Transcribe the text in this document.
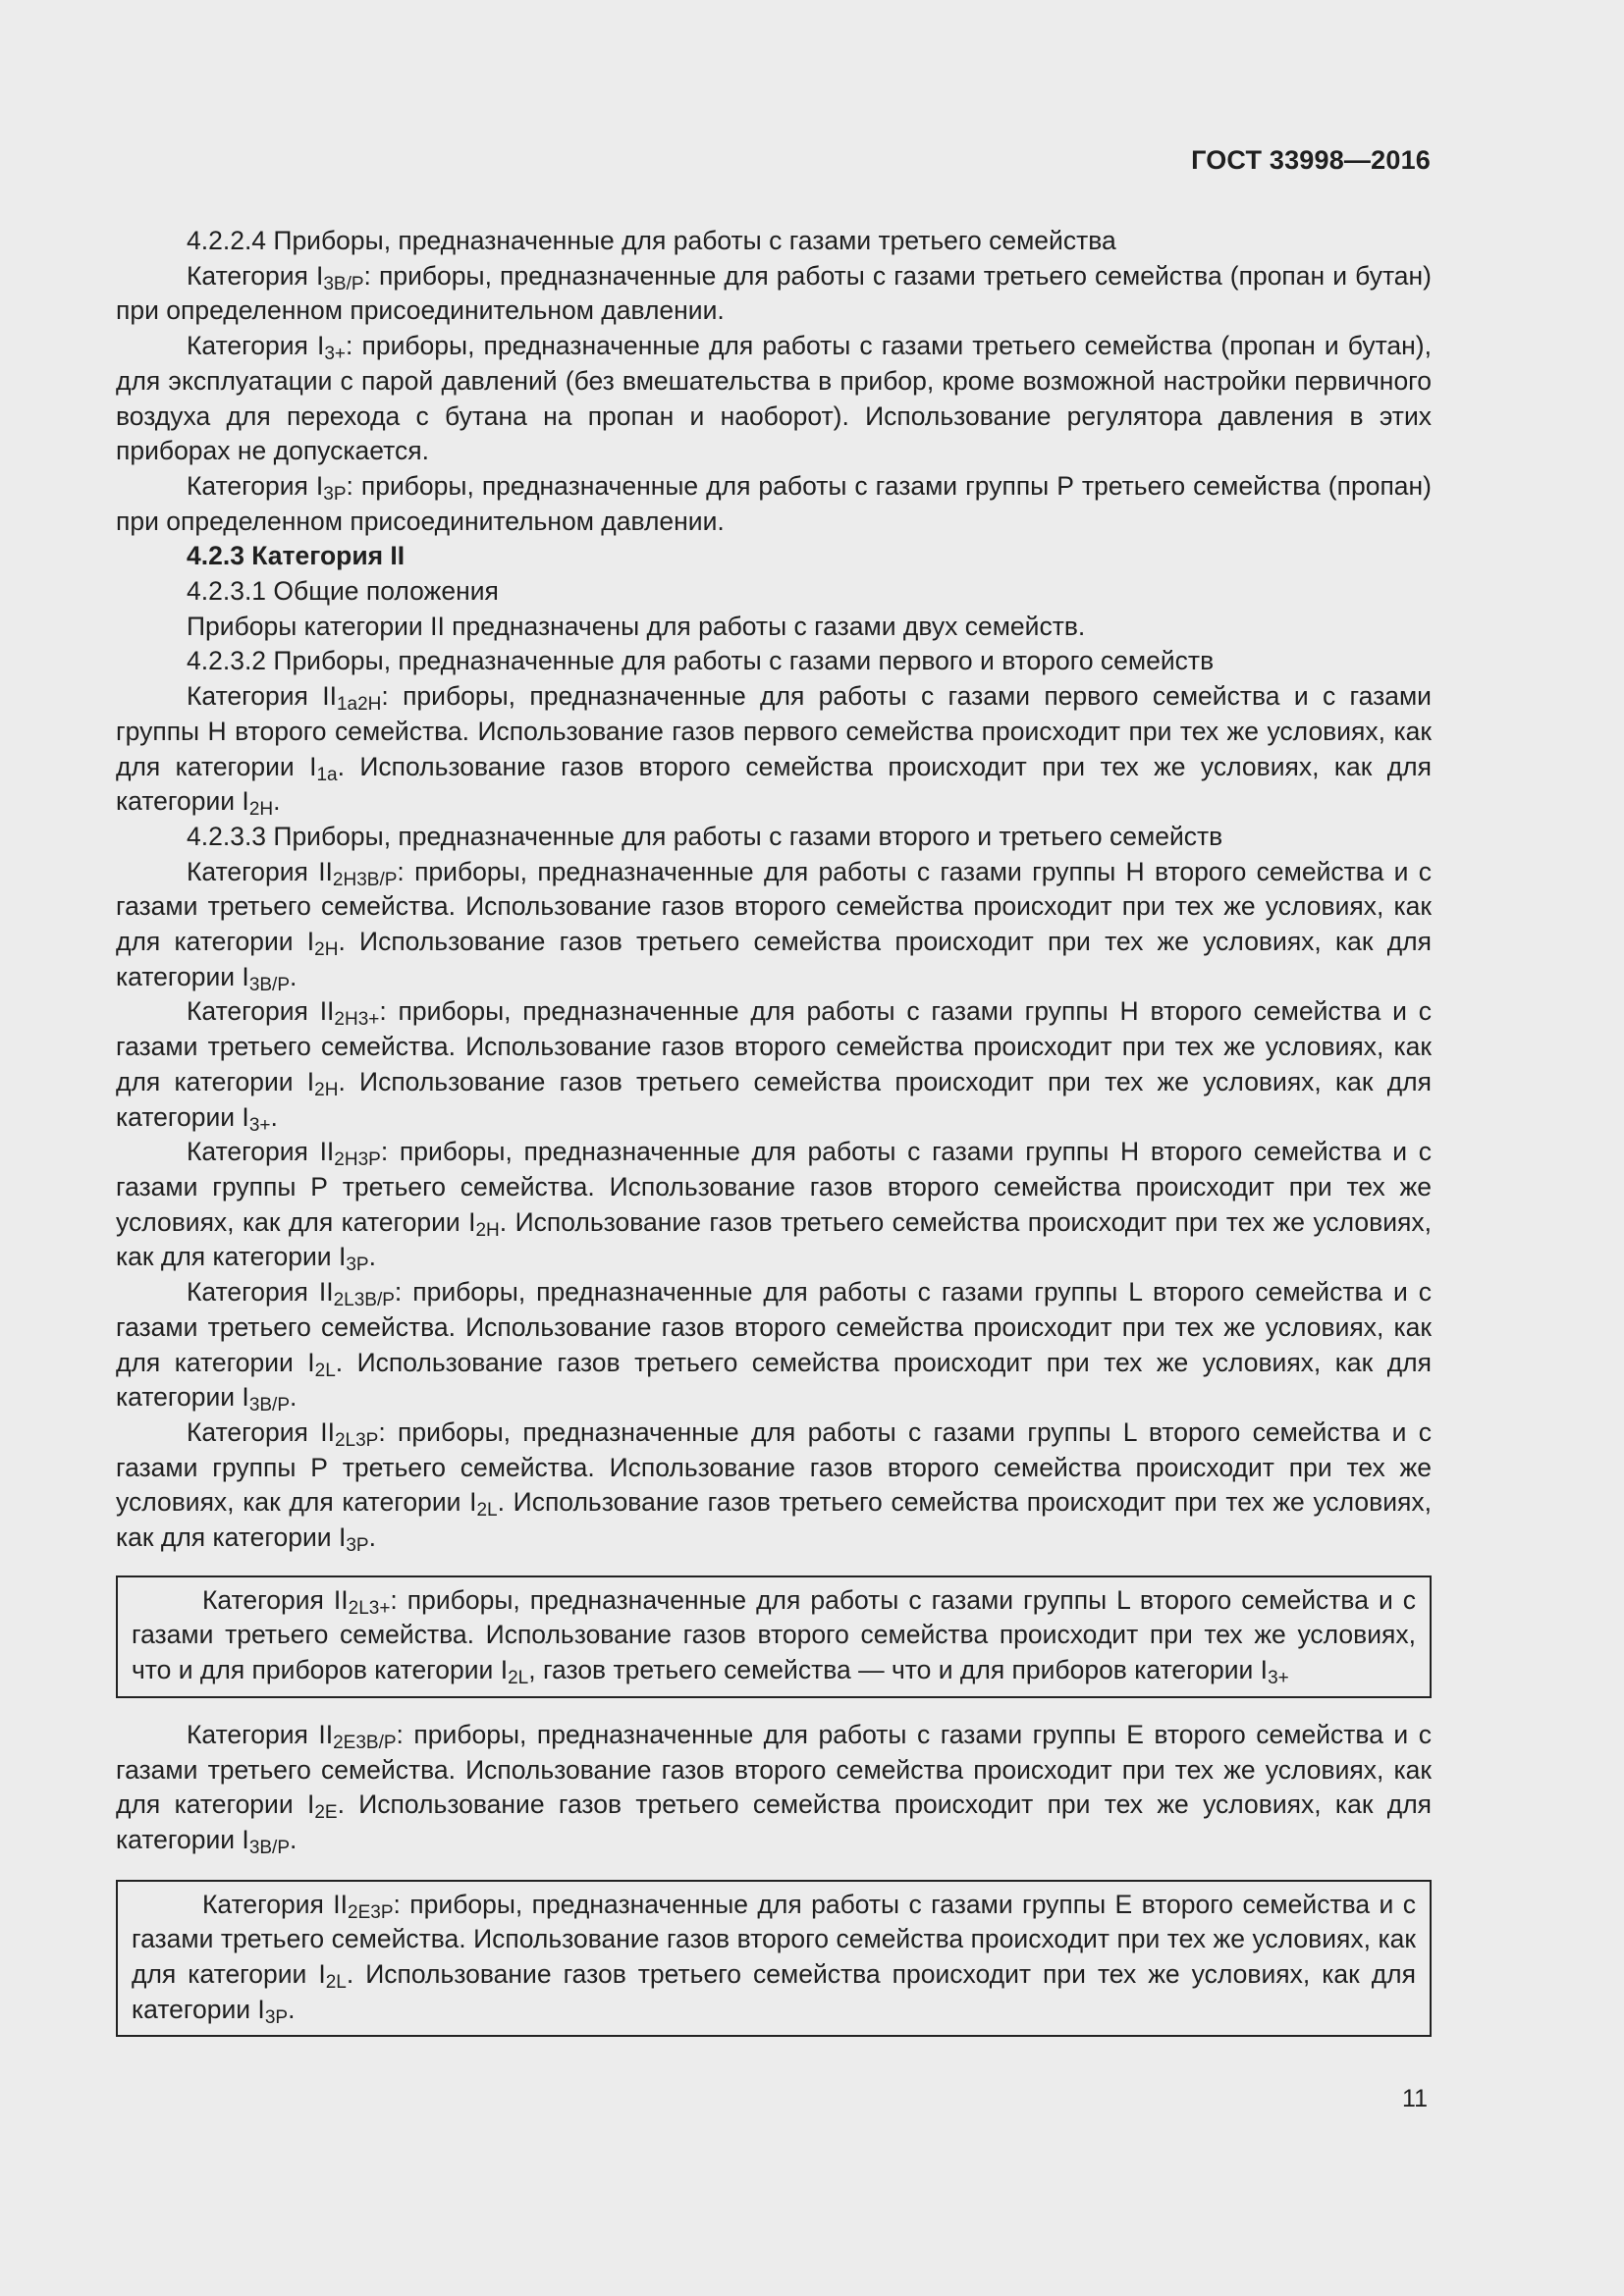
ГОСТ 33998—2016

4.2.2.4 Приборы, предназначенные для работы с газами третьего семейства

Категория $I_{3B/P}$: приборы, предназначенные для работы с газами третьего семейства (пропан и бутан) при определенном присоединительном давлении.

Категория $I_{3+}$: приборы, предназначенные для работы с газами третьего семейства (пропан и бутан), для эксплуатации с парой давлений (без вмешательства в прибор, кроме возможной настройки первичного воздуха для перехода с бутана на пропан и наоборот). Использование регулятора давления в этих приборах не допускается.

Категория $I_{3P}$: приборы, предназначенные для работы с газами группы Р третьего семейства (пропан) при определенном присоединительном давлении.

4.2.3 Категория II

4.2.3.1 Общие положения

Приборы категории II предназначены для работы с газами двух семейств.

4.2.3.2 Приборы, предназначенные для работы с газами первого и второго семейств

Категория $II_{1a2H}$: приборы, предназначенные для работы с газами первого семейства и с газами группы Н второго семейства. Использование газов первого семейства происходит при тех же условиях, как для категории $I_{1a}$. Использование газов второго семейства происходит при тех же условиях, как для категории $I_{2H}$.

4.2.3.3 Приборы, предназначенные для работы с газами второго и третьего семейств

Категория $II_{2H3B/P}$: приборы, предназначенные для работы с газами группы Н второго семейства и с газами третьего семейства. Использование газов второго семейства происходит при тех же условиях, как для категории $I_{2H}$. Использование газов третьего семейства происходит при тех же условиях, как для категории $I_{3B/P}$.

Категория $II_{2H3+}$: приборы, предназначенные для работы с газами группы Н второго семейства и с газами третьего семейства. Использование газов второго семейства происходит при тех же условиях, как для категории $I_{2H}$. Использование газов третьего семейства происходит при тех же условиях, как для категории $I_{3+}$.

Категория $II_{2H3P}$: приборы, предназначенные для работы с газами группы Н второго семейства и с газами группы Р третьего семейства. Использование газов второго семейства происходит при тех же условиях, как для категории $I_{2H}$. Использование газов третьего семейства происходит при тех же условиях, как для категории $I_{3P}$.

Категория $II_{2L3B/P}$: приборы, предназначенные для работы с газами группы L второго семейства и с газами третьего семейства. Использование газов второго семейства происходит при тех же условиях, как для категории $I_{2L}$. Использование газов третьего семейства происходит при тех же условиях, как для категории $I_{3B/P}$.

Категория $II_{2L3P}$: приборы, предназначенные для работы с газами группы L второго семейства и с газами группы Р третьего семейства. Использование газов второго семейства происходит при тех же условиях, как для категории $I_{2L}$. Использование газов третьего семейства происходит при тех же условиях, как для категории $I_{3P}$.

Категория $II_{2L3+}$: приборы, предназначенные для работы с газами группы L второго семейства и с газами третьего семейства. Использование газов второго семейства происходит при тех же условиях, что и для приборов категории $I_{2L}$, газов третьего семейства — что и для приборов категории $I_{3+}$

Категория $II_{2E3B/P}$: приборы, предназначенные для работы с газами группы Е второго семейства и с газами третьего семейства. Использование газов второго семейства происходит при тех же условиях, как для категории $I_{2E}$. Использование газов третьего семейства происходит при тех же условиях, как для категории $I_{3B/P}$.

Категория $II_{2E3P}$: приборы, предназначенные для работы с газами группы Е второго семейства и с газами третьего семейства. Использование газов второго семейства происходит при тех же условиях, как для категории $I_{2L}$. Использование газов третьего семейства происходит при тех же условиях, как для категории $I_{3P}$.

11
